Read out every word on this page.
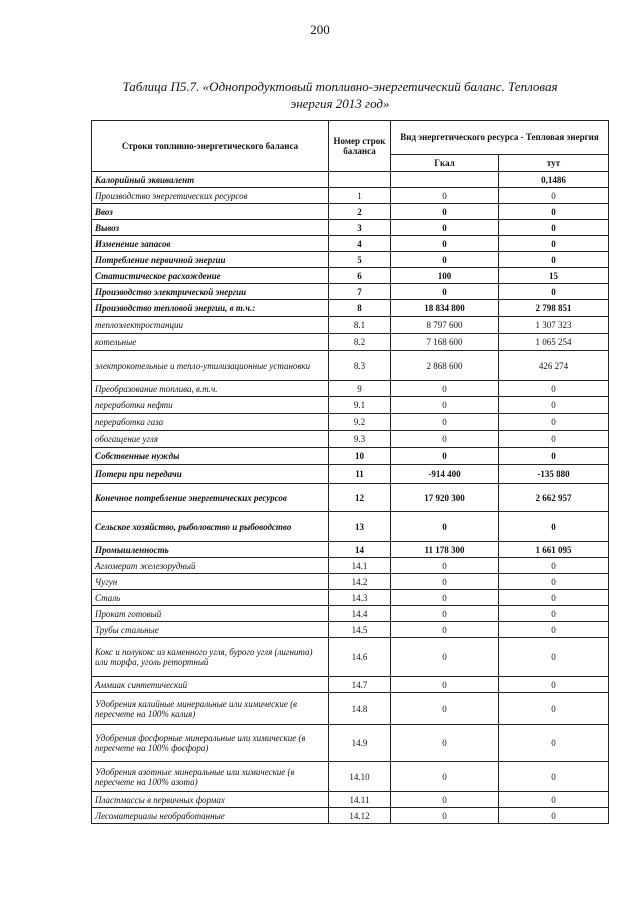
200
Таблица П5.7. «Однопродуктовый топливно-энергетический баланс. Тепловая
энергия 2013 год»
Строки топливно-энергетического баланса	Номер строк баланса	Вид энергетического ресурса - Тепловая энергия	
		Гкал	тут
Калорийный эквивалент			0,1486
Производство энергетических ресурсов	1	0	0
Ввоз	2	0	0
Вывоз	3	0	0
Изменение запасов	4	0	0
Потребление первичной энергии	5	0	0
Статистическое расхождение	6	100	15
Производство электрической энергии	7	0	0
Производство тепловой энергии, в т.ч.:	8	18 834 800	2 798 851
теплоэлектростанции	8.1	8 797 600	1 307 323
котельные	8.2	7 168 600	1 065 254
электрокотельные и тепло-утилизационные установки	8.3	2 868 600	426 274
Преобразование топлива, в.т.ч.	9	0	0
переработка нефти	9.1	0	0
переработка газа	9.2	0	0
обогащение угля	9.3	0	0
Собственные нужды	10	0	0
Потери при передачи	11	-914 400	-135 880
Конечное потребление энергетических ресурсов	12	17 920 300	2 662 957
Сельское хозяйство, рыболовство и рыбоводство	13	0	0
Промышленность	14	11 178 300	1 661 095
Агломерат железорудный	14.1	0	0
Чугун	14.2	0	0
Сталь	14.3	0	0
Прокат готовый	14.4	0	0
Трубы стальные	14.5	0	0
Кокс и полукокс из каменного угля, бурого угля (лигнита) или торфа, уголь ретортный	14.6	0	0
Аммиак синтетический	14.7	0	0
Удобрения калийные минеральные или химические (в пересчете на 100% калия)	14.8	0	0
Удобрения фосфорные минеральные или химические (в пересчете на 100% фосфора)	14.9	0	0
Удобрения азотные минеральные или химические (в пересчете на 100% азота)	14.10	0	0
Пластмассы в первичных формах	14.11	0	0
Лесоматериалы необработанные	14.12	0	0
